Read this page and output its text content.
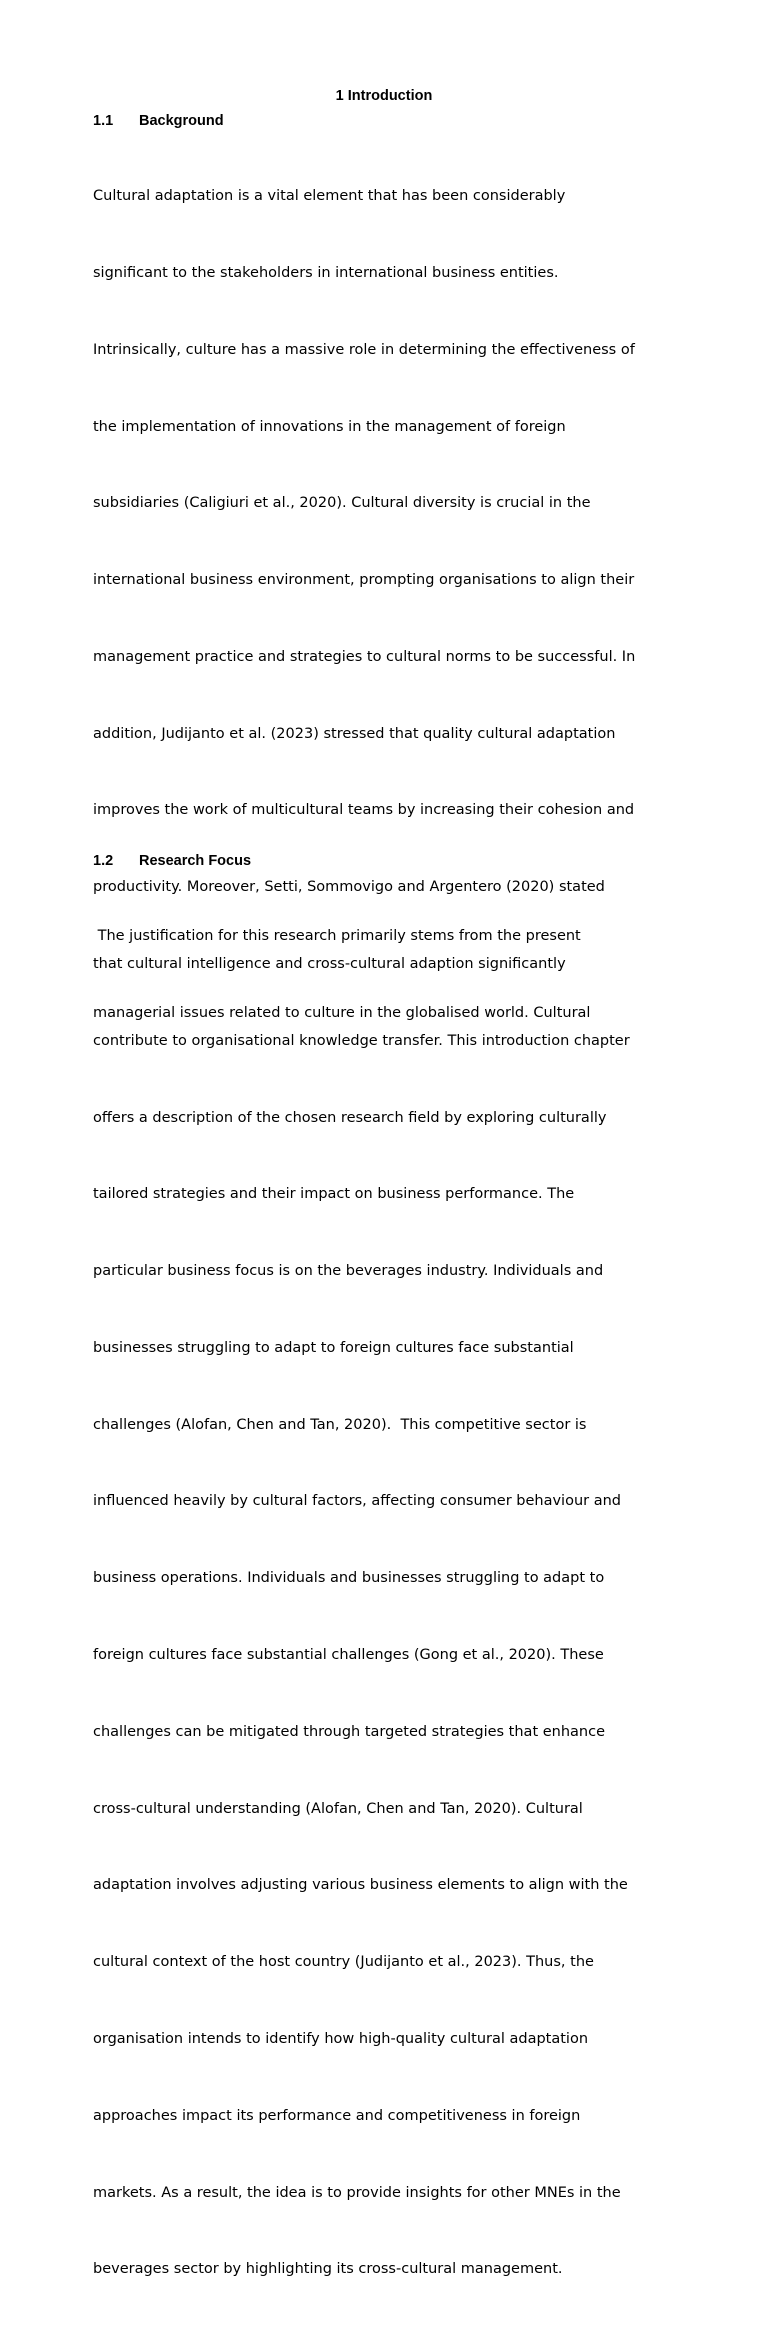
1 Introduction
1.1 Background

Cultural adaptation is a vital element that has been considerably

significant to the stakeholders in international business entities.

Intrinsically, culture has a massive role in determining the effectiveness of

the implementation of innovations in the management of foreign

subsidiaries (Caligiuri et al., 2020). Cultural diversity is crucial in the

international business environment, prompting organisations to align their

management practice and strategies to cultural norms to be successful. In

addition, Judijanto et al. (2023) stressed that quality cultural adaptation

improves the work of multicultural teams by increasing their cohesion and

productivity. Moreover, Setti, Sommovigo and Argentero (2020) stated

that cultural intelligence and cross-cultural adaption significantly

contribute to organisational knowledge transfer. This introduction chapter

offers a description of the chosen research field by exploring culturally

tailored strategies and their impact on business performance. The

particular business focus is on the beverages industry. Individuals and

businesses struggling to adapt to foreign cultures face substantial

challenges (Alofan, Chen and Tan, 2020).  This competitive sector is

influenced heavily by cultural factors, affecting consumer behaviour and

business operations. Individuals and businesses struggling to adapt to

foreign cultures face substantial challenges (Gong et al., 2020). These

challenges can be mitigated through targeted strategies that enhance

cross-cultural understanding (Alofan, Chen and Tan, 2020). Cultural

adaptation involves adjusting various business elements to align with the

cultural context of the host country (Judijanto et al., 2023). Thus, the

organisation intends to identify how high-quality cultural adaptation

approaches impact its performance and competitiveness in foreign

markets. As a result, the idea is to provide insights for other MNEs in the

beverages sector by highlighting its cross-cultural management.

1.2 Research Focus

The justification for this research primarily stems from the present

managerial issues related to culture in the globalised world. Cultural
